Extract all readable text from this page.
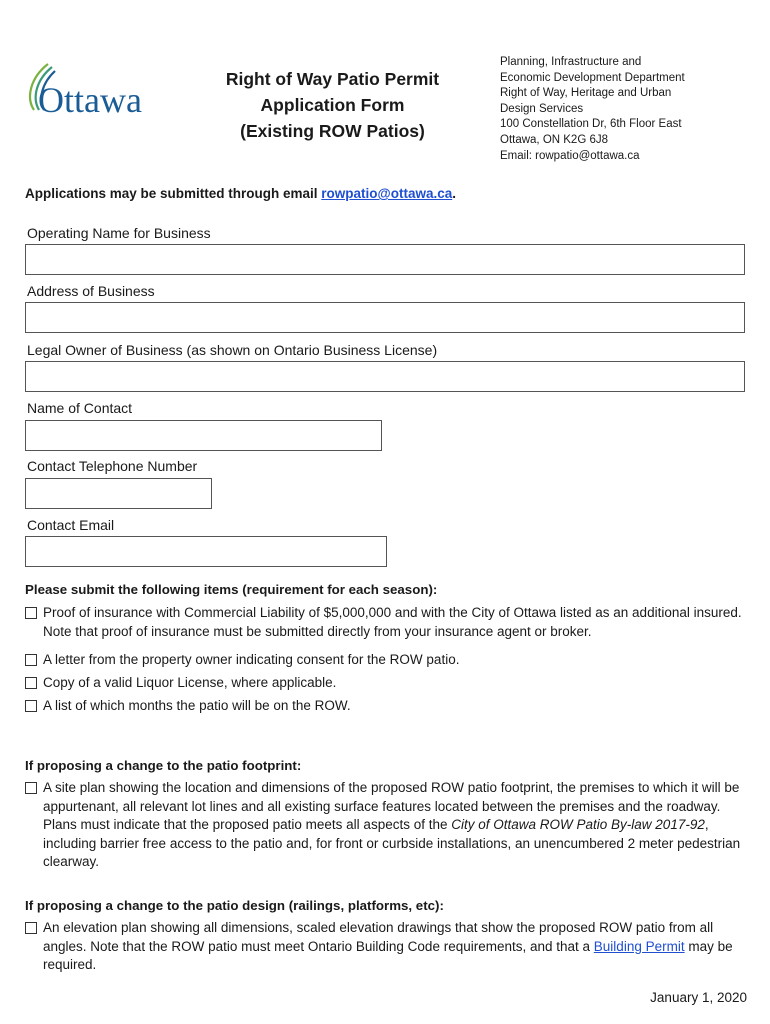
Ottawa
Right of Way Patio Permit
Application Form
(Existing ROW Patios)
Planning, Infrastructure and
Economic Development Department
Right of Way, Heritage and Urban
Design Services
100 Constellation Dr, 6th Floor East
Ottawa, ON K2G 6J8
Email: rowpatio@ottawa.ca
Applications may be submitted through email rowpatio@ottawa.ca.
Operating Name for Business
Address of Business
Legal Owner of Business (as shown on Ontario Business License)
Name of Contact
Contact Telephone Number
Contact Email
Please submit the following items (requirement for each season):
Proof of insurance with Commercial Liability of $5,000,000 and with the City of Ottawa listed as an additional insured. Note that proof of insurance must be submitted directly from your insurance agent or broker.
A letter from the property owner indicating consent for the ROW patio.
Copy of a valid Liquor License, where applicable.
A list of which months the patio will be on the ROW.
If proposing a change to the patio footprint:
A site plan showing the location and dimensions of the proposed ROW patio footprint, the premises to which it will be appurtenant, all relevant lot lines and all existing surface features located between the premises and the roadway. Plans must indicate that the proposed patio meets all aspects of the City of Ottawa ROW Patio By-law 2017-92, including barrier free access to the patio and, for front or curbside installations, an unencumbered 2 meter pedestrian clearway.
If proposing a change to the patio design (railings, platforms, etc):
An elevation plan showing all dimensions, scaled elevation drawings that show the proposed ROW patio from all angles. Note that the ROW patio must meet Ontario Building Code requirements, and that a Building Permit may be required.
January 1, 2020
